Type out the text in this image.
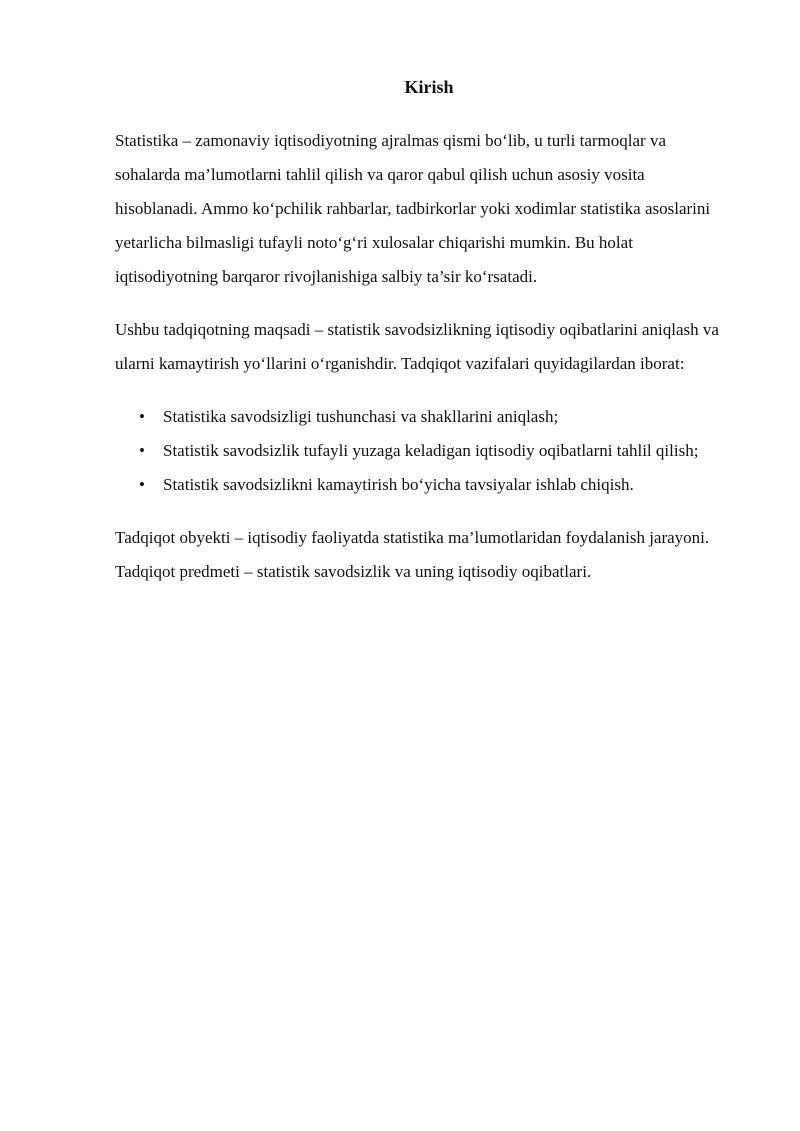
Kirish

Statistika – zamonaviy iqtisodiyotning ajralmas qismi bo‘lib, u turli tarmoqlar va sohalarda ma’lumotlarni tahlil qilish va qaror qabul qilish uchun asosiy vosita hisoblanadi. Ammo ko‘pchilik rahbarlar, tadbirkorlar yoki xodimlar statistika asoslarini yetarlicha bilmasligi tufayli noto‘g‘ri xulosalar chiqarishi mumkin. Bu holat iqtisodiyotning barqaror rivojlanishiga salbiy ta’sir ko‘rsatadi.

Ushbu tadqiqotning maqsadi – statistik savodsizlikning iqtisodiy oqibatlarini aniqlash va ularni kamaytirish yo‘llarini o‘rganishdir. Tadqiqot vazifalari quyidagilardan iborat:

• Statistika savodsizligi tushunchasi va shakllarini aniqlash;
• Statistik savodsizlik tufayli yuzaga keladigan iqtisodiy oqibatlarni tahlil qilish;
• Statistik savodsizlikni kamaytirish bo‘yicha tavsiyalar ishlab chiqish.

Tadqiqot obyekti – iqtisodiy faoliyatda statistika ma’lumotlaridan foydalanish jarayoni.

Tadqiqot predmeti – statistik savodsizlik va uning iqtisodiy oqibatlari.
